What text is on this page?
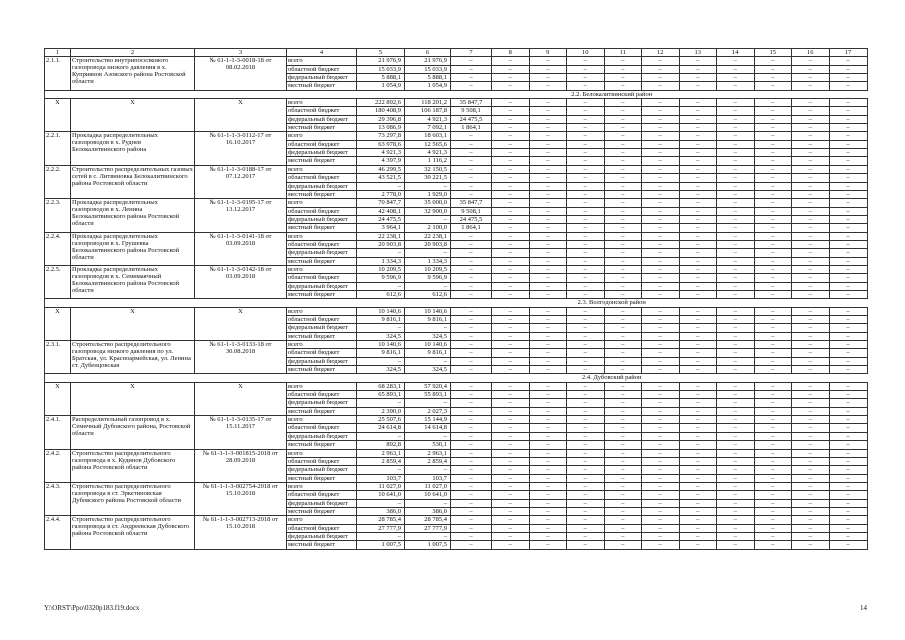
1	2	3	4	5	6	7	8	9	10	11	12	13	14	15	16	17
2.1.1.	Строительство внутрипоселкового газопровода низкого давления в х. Куприянов Азовского района Ростовской области	№ 61-1-1-3-0018-18 от 08.02.2018	всего	21 976,9	21 976,9	–	–	–	–	–	–	–	–	–	–	–
			областной бюджет	15 033,9	15 033,9	–	–	–	–	–	–	–	–	–	–	–
			федеральный бюджет	5 888,1	5 888,1	–	–	–	–	–	–	–	–	–	–	–
			местный бюджет	1 054,9	1 054,9	–	–	–	–	–	–	–	–	–	–	–
				2.2. Белокалитвинский район												
Х	Х	Х	всего	222 892,6	118 201,2	35 847,7	–	–	–	–	–	–	–	–	–	–
			областной бюджет	180 408,9	106 187,8	9 508,1	–	–	–	–	–	–	–	–	–	–
			федеральный бюджет	29 396,8	4 921,3	24 475,5	–	–	–	–	–	–	–	–	–	–
			местный бюджет	13 086,9	7 092,1	1 864,1	–	–	–	–	–	–	–	–	–	–
2.2.1.	Прокладка распределительных газопроводов в х. Руднев Белокалитвинского района	№ 61-1-1-3-0112-17 от 16.10.2017	всего	73 297,8	18 603,1	–	–	–	–	–	–	–	–	–	–	–
			областной бюджет	63 978,6	12 565,6	–	–	–	–	–	–	–	–	–	–	–
			федеральный бюджет	4 921,3	4 921,3	–	–	–	–	–	–	–	–	–	–	–
			местный бюджет	4 397,9	1 116,2	–	–	–	–	–	–	–	–	–	–	–
2.2.2.	Строительство распределительных газовых сетей в с. Литвиновка Белокалитвинского района Ростовской области	№ 61-1-1-3-0188-17 от 07.12.2017	всего	46 299,5	32 150,5	–	–	–	–	–	–	–	–	–	–	–
			областной бюджет	43 521,5	30 221,5	–	–	–	–	–	–	–	–	–	–	–
			федеральный бюджет	–	–	–	–	–	–	–	–	–	–	–	–	–
			местный бюджет	2 778,0	1 929,0	–	–	–	–	–	–	–	–	–	–	–
2.2.3.	Прокладка распределительных газопроводов в х. Ленина Белокалитвинского района Ростовской области	№ 61-1-1-3-0195-17 от 13.12.2017	всего	70 847,7	35 000,0	35 847,7	–	–	–	–	–	–	–	–	–	–
			областной бюджет	42 408,1	32 900,0	9 508,1	–	–	–	–	–	–	–	–	–	–
			федеральный бюджет	24 475,5	–	24 475,5	–	–	–	–	–	–	–	–	–	–
			местный бюджет	3 964,1	2 100,0	1 864,1	–	–	–	–	–	–	–	–	–	–
2.2.4.	Прокладка распределительных газопроводов в х. Грушевка Белокалитвинского района Ростовской области	№ 61-1-1-3-0141-18 от 03.09.2018	всего	22 238,1	22 238,1	–	–	–	–	–	–	–	–	–	–	–
			областной бюджет	20 903,8	20 903,8	–	–	–	–	–	–	–	–	–	–	–
			федеральный бюджет	–	–	–	–	–	–	–	–	–	–	–	–	–
			местный бюджет	1 334,3	1 334,3	–	–	–	–	–	–	–	–	–	–	–
2.2.5.	Прокладка распределительных газопроводов в х. Семимаячный Белокалитвинского района Ростовской области	№ 61-1-1-3-0142-18 от 03.09.2018	всего	10 209,5	10 209,5	–	–	–	–	–	–	–	–	–	–	–
			областной бюджет	9 596,9	9 596,9	–	–	–	–	–	–	–	–	–	–	–
			федеральный бюджет	–	–	–	–	–	–	–	–	–	–	–	–	–
			местный бюджет	612,6	612,6	–	–	–	–	–	–	–	–	–	–	–
				2.3. Волгодонской район												
Х	Х	Х	всего	10 140,6	10 140,6	–	–	–	–	–	–	–	–	–	–	–
			областной бюджет	9 816,1	9 816,1	–	–	–	–	–	–	–	–	–	–	–
			федеральный бюджет	–	–	–	–	–	–	–	–	–	–	–	–	–
			местный бюджет	324,5	324,5	–	–	–	–	–	–	–	–	–	–	–
2.3.1.	Строительство распределительного газопровода низкого давления по ул. Братская, ул. Красноармейская, ул. Ленина ст. Дубенцовская	№ 61-1-1-3-0133-18 от 30.08.2018	всего	10 140,6	10 140,6	–	–	–	–	–	–	–	–	–	–	–
			областной бюджет	9 816,1	9 816,1	–	–	–	–	–	–	–	–	–	–	–
			федеральный бюджет	–	–	–	–	–	–	–	–	–	–	–	–	–
			местный бюджет	324,5	324,5	–	–	–	–	–	–	–	–	–	–	–
				2.4. Дубовский район												
Х	Х	Х	всего	68 283,1	57 920,4	–	–	–	–	–	–	–	–	–	–	–
			областной бюджет	65 893,1	55 893,1	–	–	–	–	–	–	–	–	–	–	–
			федеральный бюджет	–	–	–	–	–	–	–	–	–	–	–	–	–
			местный бюджет	2 390,0	2 027,3	–	–	–	–	–	–	–	–	–	–	–
2.4.1.	Распределительный газопровод в х. Семичный Дубовского района, Ростовской области	№ 61-1-1-3-0135-17 от 15.11.2017	всего	25 507,6	15 144,9	–	–	–	–	–	–	–	–	–	–	–
			областной бюджет	24 614,8	14 614,8	–	–	–	–	–	–	–	–	–	–	–
			федеральный бюджет	–	–	–	–	–	–	–	–	–	–	–	–	–
			местный бюджет	892,8	530,1	–	–	–	–	–	–	–	–	–	–	–
2.4.2.	Строительство распределительного газопровода в х. Кудинов Дубовского района Ростовской области	№ 61-1-1-3-001815-2018 от 28.09.2018	всего	2 963,1	2 963,1	–	–	–	–	–	–	–	–	–	–	–
			областной бюджет	2 859,4	2 859,4	–	–	–	–	–	–	–	–	–	–	–
			федеральный бюджет	–	–	–	–	–	–	–	–	–	–	–	–	–
			местный бюджет	103,7	103,7	–	–	–	–	–	–	–	–	–	–	–
2.4.3.	Строительство распределительного газопровода в ст. Эркетиновская Дубовского района Ростовской области	№ 61-1-1-3-002754-2018 от 15.10.2018	всего	11 027,0	11 027,0	–	–	–	–	–	–	–	–	–	–	–
			областной бюджет	10 641,0	10 641,0	–	–	–	–	–	–	–	–	–	–	–
			федеральный бюджет	–	–	–	–	–	–	–	–	–	–	–	–	–
			местный бюджет	386,0	386,0	–	–	–	–	–	–	–	–	–	–	–
2.4.4.	Строительство распределительного газопровода в ст. Андреевская Дубовского района Ростовской области	№ 61-1-1-3-002713-2018 от 15.10.2018	всего	28 785,4	28 785,4	–	–	–	–	–	–	–	–	–	–	–
			областной бюджет	27 777,9	27 777,9	–	–	–	–	–	–	–	–	–	–	–
			федеральный бюджет	–	–	–	–	–	–	–	–	–	–	–	–	–
			местный бюджет	1 007,5	1 007,5	–	–	–	–	–	–	–	–	–	–	–
Y:\ORST\Ppo\0320p183.f19.docx	14
